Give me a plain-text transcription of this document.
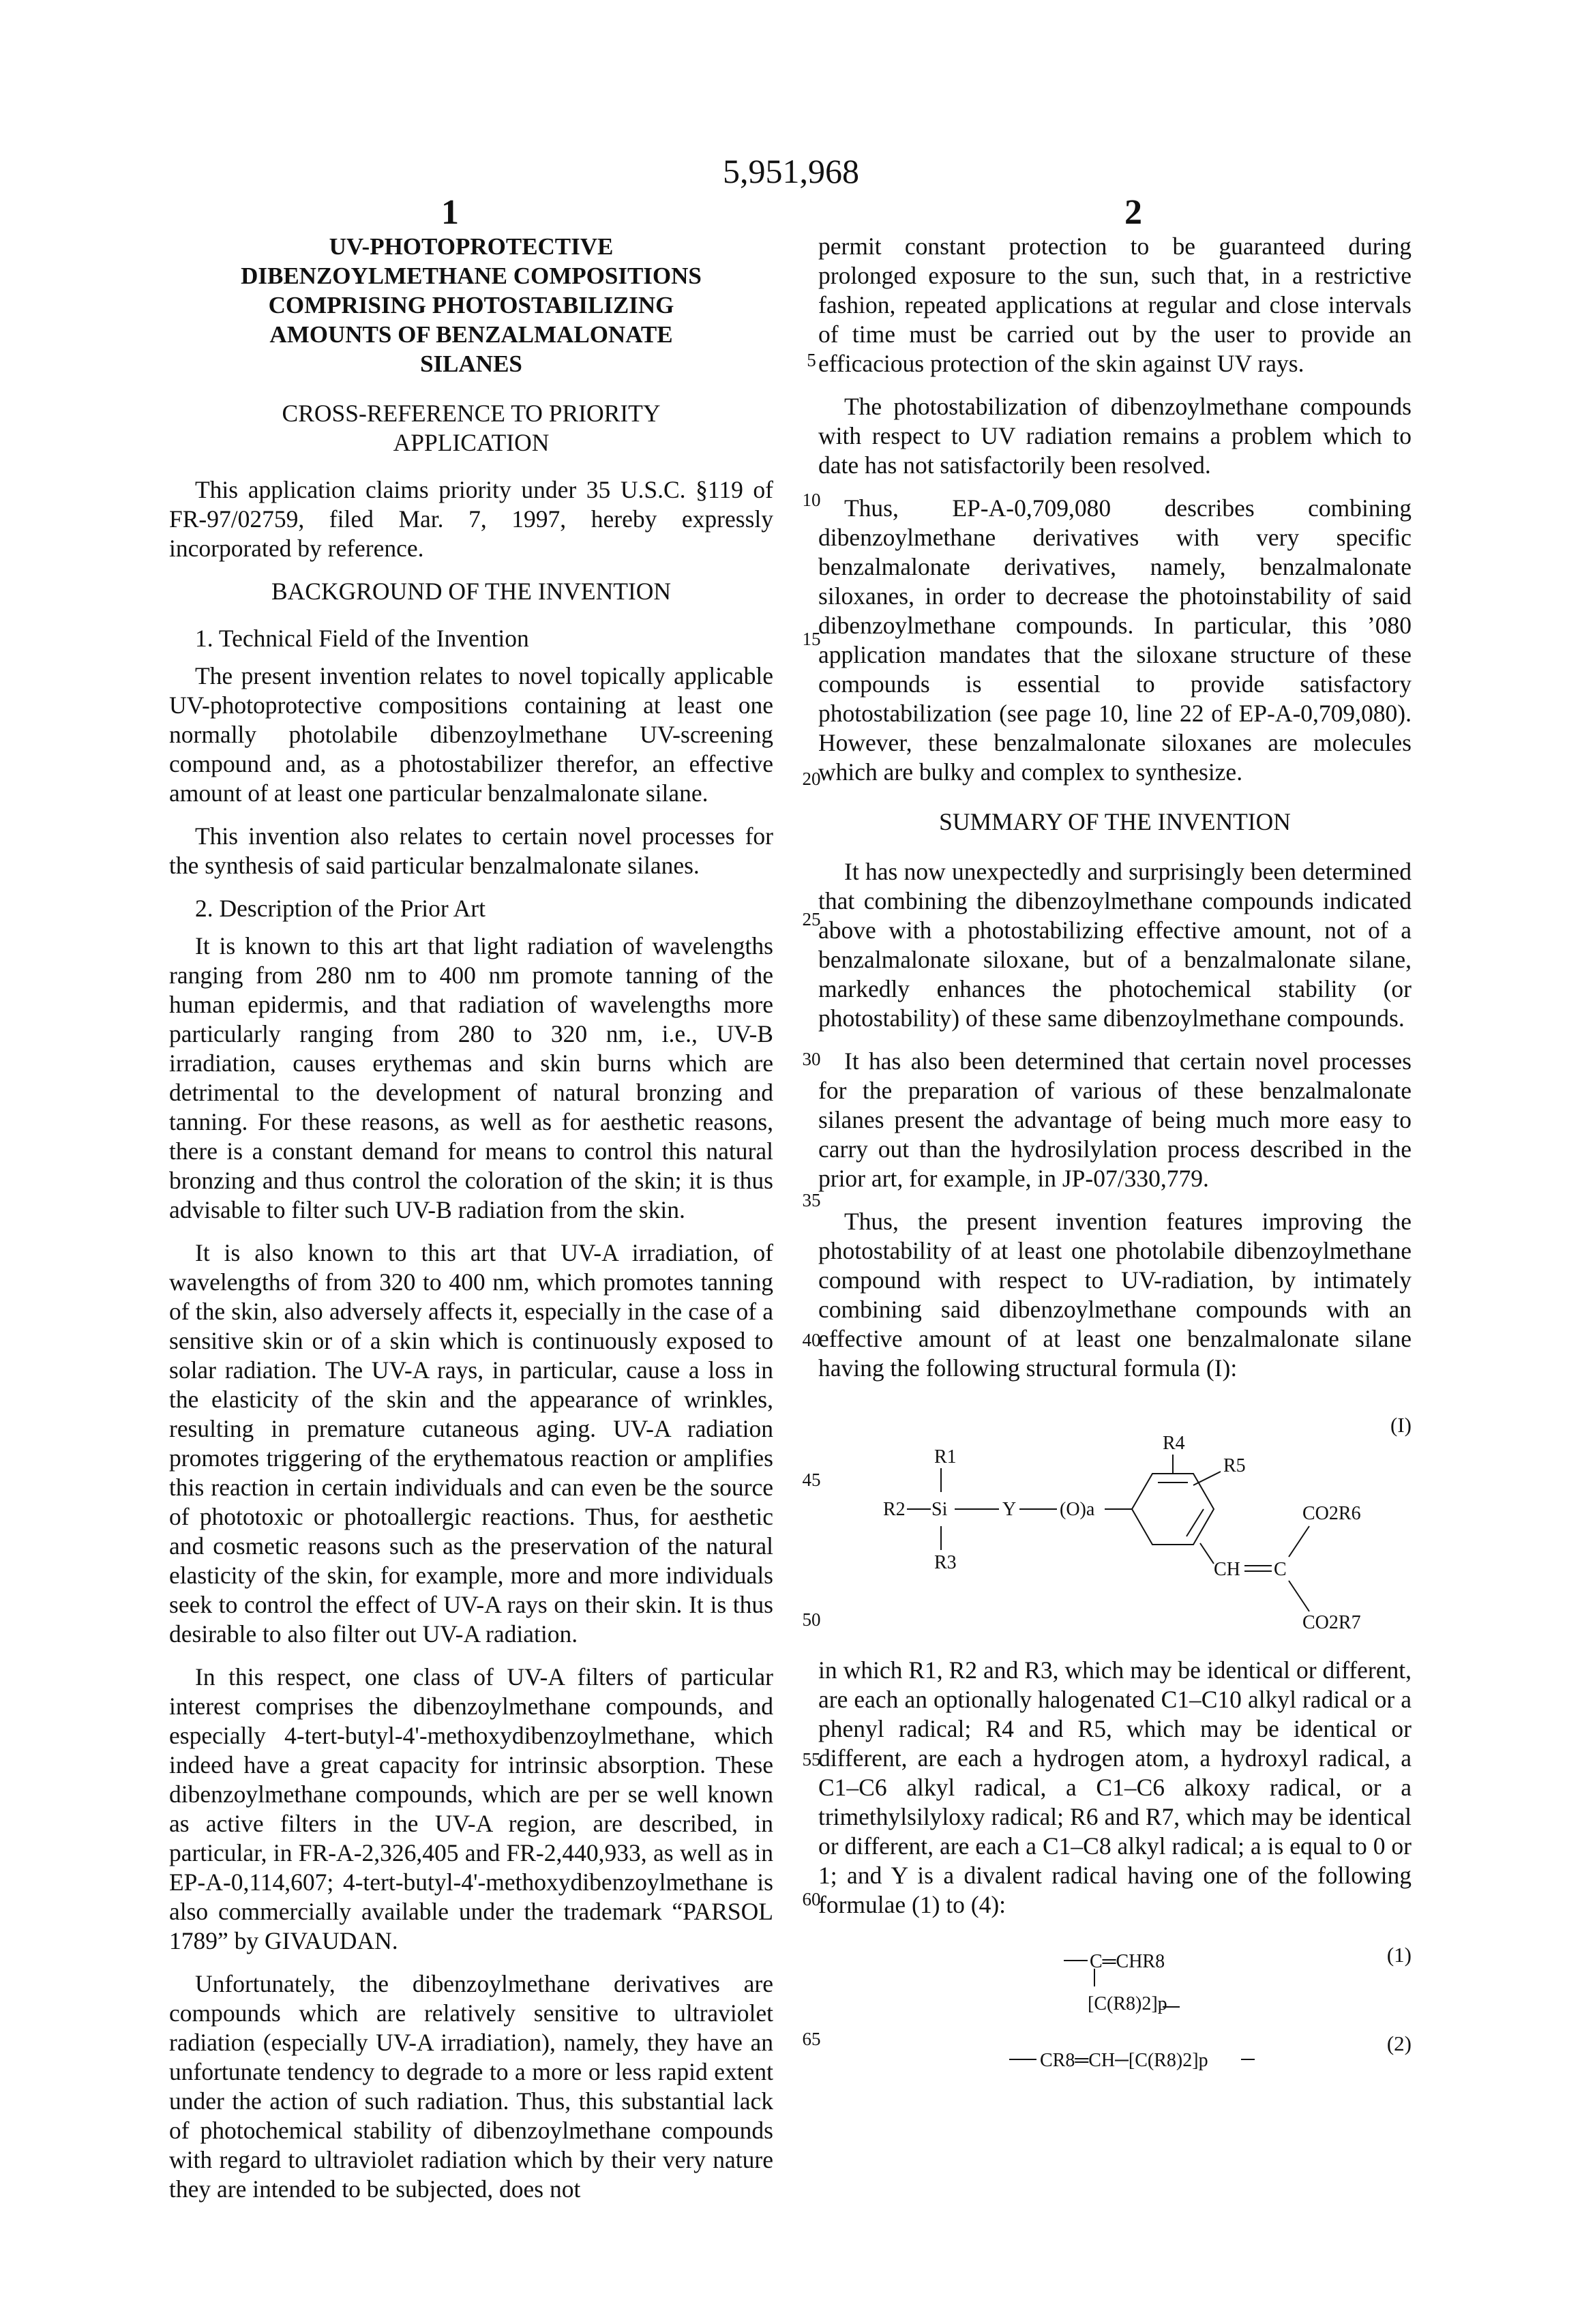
5,951,968
1	2
UV-PHOTOPROTECTIVE
DIBENZOYLMETHANE COMPOSITIONS
COMPRISING PHOTOSTABILIZING
AMOUNTS OF BENZALMALONATE
SILANES
CROSS-REFERENCE TO PRIORITY
APPLICATION

This application claims priority under 35 U.S.C. §119 of FR-97/02759, filed Mar. 7, 1997, hereby expressly incorporated by reference.

BACKGROUND OF THE INVENTION
1. Technical Field of the Invention

The present invention relates to novel topically applicable UV-photoprotective compositions containing at least one normally photolabile dibenzoylmethane UV-screening compound and, as a photostabilizer therefor, an effective amount of at least one particular benzalmalonate silane.

This invention also relates to certain novel processes for the synthesis of said particular benzalmalonate silanes.

2. Description of the Prior Art

It is known to this art that light radiation of wavelengths ranging from 280 nm to 400 nm promote tanning of the human epidermis, and that radiation of wavelengths more particularly ranging from 280 to 320 nm, i.e., UV-B irradiation, causes erythemas and skin burns which are detrimental to the development of natural bronzing and tanning. For these reasons, as well as for aesthetic reasons, there is a constant demand for means to control this natural bronzing and thus control the coloration of the skin; it is thus advisable to filter such UV-B radiation from the skin.

It is also known to this art that UV-A irradiation, of wavelengths of from 320 to 400 nm, which promotes tanning of the skin, also adversely affects it, especially in the case of a sensitive skin or of a skin which is continuously exposed to solar radiation. The UV-A rays, in particular, cause a loss in the elasticity of the skin and the appearance of wrinkles, resulting in premature cutaneous aging. UV-A radiation promotes triggering of the erythematous reaction or amplifies this reaction in certain individuals and can even be the source of phototoxic or photoallergic reactions. Thus, for aesthetic and cosmetic reasons such as the preservation of the natural elasticity of the skin, for example, more and more individuals seek to control the effect of UV-A rays on their skin. It is thus desirable to also filter out UV-A radiation.

In this respect, one class of UV-A filters of particular interest comprises the dibenzoylmethane compounds, and especially 4-tert-butyl-4'-methoxydibenzoylmethane, which indeed have a great capacity for intrinsic absorption. These dibenzoylmethane compounds, which are per se well known as active filters in the UV-A region, are described, in particular, in FR-A-2,326,405 and FR-2,440,933, as well as in EP-A-0,114,607; 4-tert-butyl-4'-methoxydibenzoylmethane is also commercially available under the trademark “PARSOL 1789” by GIVAUDAN.

Unfortunately, the dibenzoylmethane derivatives are compounds which are relatively sensitive to ultraviolet radiation (especially UV-A irradiation), namely, they have an unfortunate tendency to degrade to a more or less rapid extent under the action of such radiation. Thus, this substantial lack of photochemical stability of dibenzoylmethane compounds with regard to ultraviolet radiation which by their very nature they are intended to be subjected, does not

5
10
15
20
25
30
35
40
45
50
55
60
65

permit constant protection to be guaranteed during prolonged exposure to the sun, such that, in a restrictive fashion, repeated applications at regular and close intervals of time must be carried out by the user to provide an efficacious protection of the skin against UV rays.

The photostabilization of dibenzoylmethane compounds with respect to UV radiation remains a problem which to date has not satisfactorily been resolved.

Thus, EP-A-0,709,080 describes combining dibenzoylmethane derivatives with very specific benzalmalonate derivatives, namely, benzalmalonate siloxanes, in order to decrease the photoinstability of said dibenzoylmethane compounds. In particular, this ’080 application mandates that the siloxane structure of these compounds is essential to provide satisfactory photostabilization (see page 10, line 22 of EP-A-0,709,080). However, these benzalmalonate siloxanes are molecules which are bulky and complex to synthesize.

SUMMARY OF THE INVENTION

It has now unexpectedly and surprisingly been determined that combining the dibenzoylmethane compounds indicated above with a photostabilizing effective amount, not of a benzalmalonate siloxane, but of a benzalmalonate silane, markedly enhances the photochemical stability (or photostability) of these same dibenzoylmethane compounds.

It has also been determined that certain novel processes for the preparation of various of these benzalmalonate silanes present the advantage of being much more easy to carry out than the hydrosilylation process described in the prior art, for example, in JP-07/330,779.

Thus, the present invention features improving the photostability of at least one photolabile dibenzoylmethane compound with respect to UV-radiation, by intimately combining said dibenzoylmethane compounds with an effective amount of at least one benzalmalonate silane having the following structural formula (I):

(I)
R1
R2 Si
R3
Y (O)a
R4
R5
CH C
CO2R6
CO2R7

in which R1, R2 and R3, which may be identical or different, are each an optionally halogenated C1–C10 alkyl radical or a phenyl radical; R4 and R5, which may be identical or different, are each a hydrogen atom, a hydroxyl radical, a C1–C6 alkyl radical, a C1–C6 alkoxy radical, or a trimethylsilyloxy radical; R6 and R7, which may be identical or different, are each a C1–C8 alkyl radical; a is equal to 0 or 1; and Y is a divalent radical having one of the following formulae (1) to (4):

(1)
C═CHR8
[C(R8)2]p
(2)
CR8═CH─[C(R8)2]p
